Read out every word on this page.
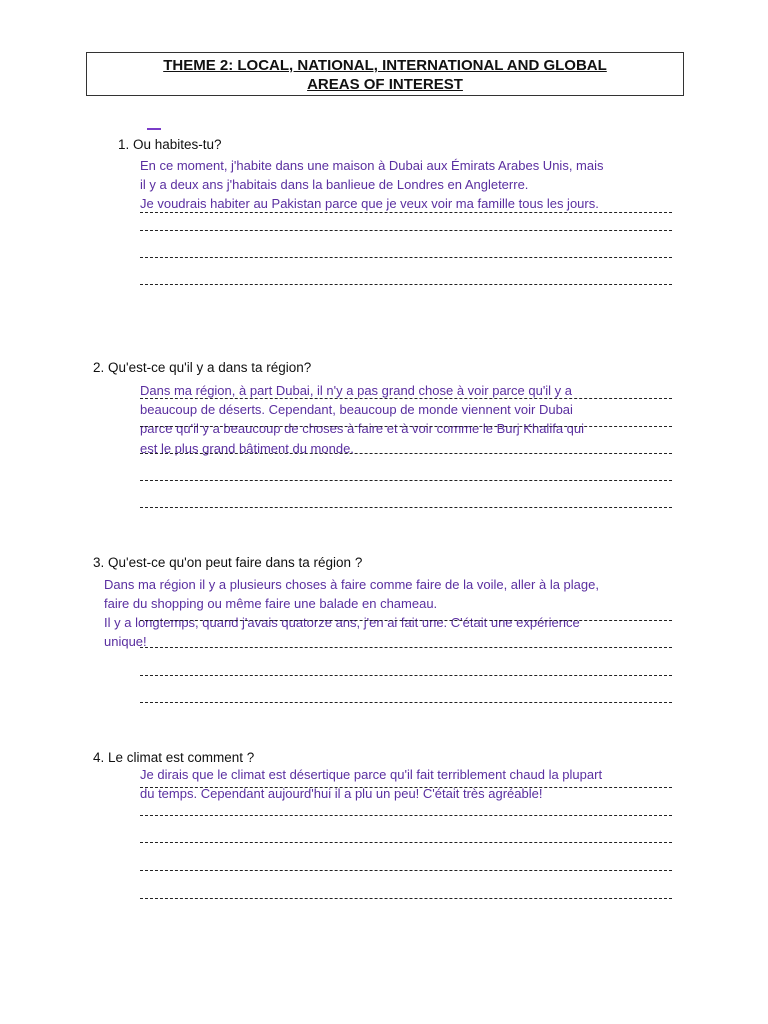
THEME 2: LOCAL, NATIONAL, INTERNATIONAL AND GLOBAL
AREAS OF INTEREST
1. Ou habites-tu?
En ce moment, j'habite dans une maison à Dubai aux Émirats Arabes Unis, mais
il y a deux ans j'habitais dans la banlieue de Londres en Angleterre.
Je voudrais habiter au Pakistan parce que je veux voir ma famille tous les jours.
2. Qu'est-ce qu'il y a dans ta région?
Dans ma région, à part Dubai, il n'y a pas grand chose à voir parce qu'il y a
beaucoup de déserts. Cependant, beaucoup de monde viennent voir Dubai
parce qu'il y a beaucoup de choses à faire et à voir comme le Burj Khalifa qui
est le plus grand bâtiment du monde.
3. Qu'est-ce qu'on peut faire dans ta région ?
Dans ma région il y a plusieurs choses à faire comme faire de la voile, aller à la plage,
faire du shopping ou même faire une balade en chameau.
Il y a longtemps, quand j'avais quatorze ans, j'en ai fait une. C'était une expérience
unique!
4. Le climat est comment ?
Je dirais que le climat est désertique parce qu'il fait terriblement chaud la plupart
du temps. Cependant aujourd'hui il a plu un peu! C'était très agréable!
